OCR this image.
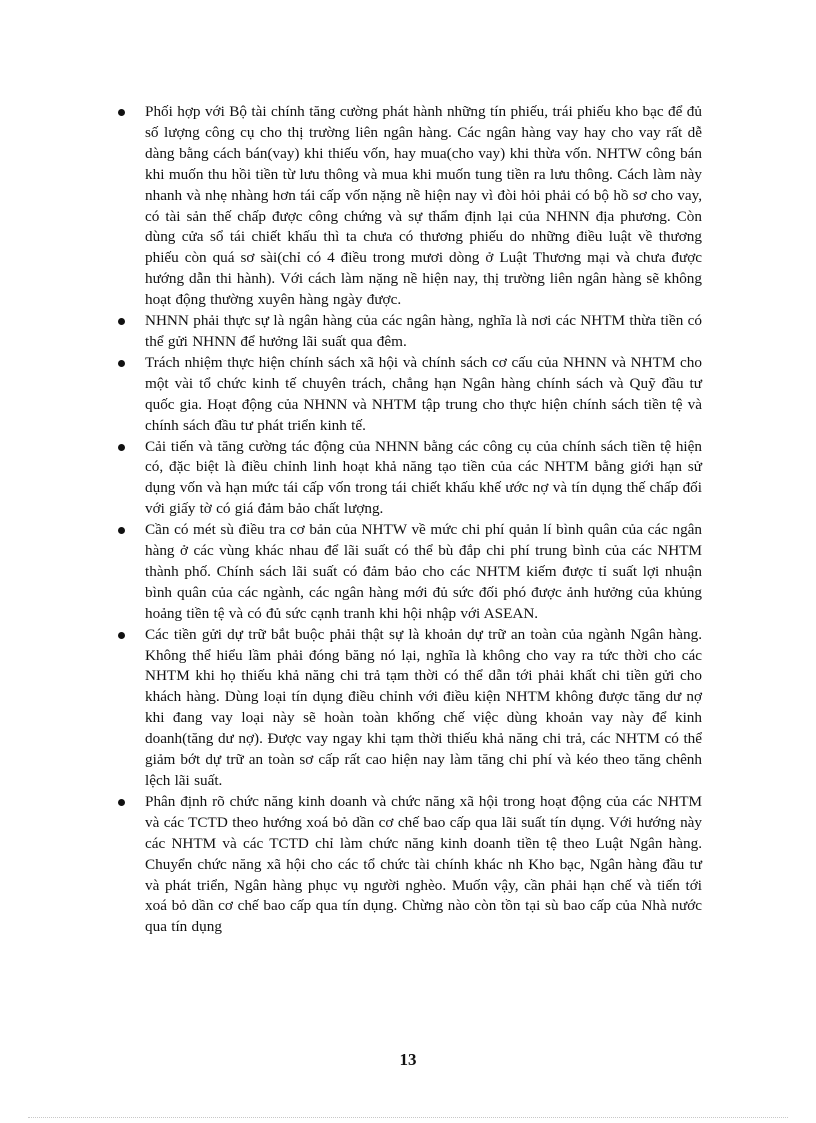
Phối hợp với Bộ tài chính tăng cường phát hành những tín phiếu, trái phiếu kho bạc để đủ số lượng công cụ cho thị trường liên ngân hàng. Các ngân hàng vay hay cho vay rất dễ dàng bằng cách bán(vay) khi thiếu vốn, hay mua(cho vay) khi thừa vốn. NHTW công bán khi muốn thu hồi tiền từ lưu thông và mua khi muốn tung tiền ra lưu thông. Cách làm này nhanh và nhẹ nhàng hơn tái cấp vốn nặng nề hiện nay vì đòi hỏi phải có bộ hồ sơ cho vay, có tài sản thế chấp được công chứng và sự thẩm định lại của NHNN địa phương. Còn dùng cửa sổ tái chiết khấu thì ta chưa có thương phiếu do những điều luật về thương phiếu còn quá sơ sài(chỉ có 4 điều trong mươi dòng ở Luật Thương mại và chưa được hướng dẫn thi hành). Với cách làm nặng nề hiện nay, thị trường liên ngân hàng sẽ không hoạt động thường xuyên hàng ngày được.
NHNN phải thực sự là ngân hàng của các ngân hàng, nghĩa là nơi các NHTM thừa tiền có thể gửi NHNN để hưởng lãi suất qua đêm.
Trách nhiệm thực hiện chính sách xã hội và chính sách cơ cấu của NHNN và NHTM cho một vài tổ chức kinh tế chuyên trách, chẳng hạn Ngân hàng chính sách và Quỹ đầu tư quốc gia. Hoạt động của NHNN và NHTM tập trung cho thực hiện chính sách tiền tệ và chính sách đầu tư phát triển kinh tế.
Cải tiến và tăng cường tác động của NHNN bằng các công cụ của chính sách tiền tệ hiện có, đặc biệt là điều chỉnh linh hoạt khả năng tạo tiền của các NHTM bằng giới hạn sử dụng vốn và hạn mức tái cấp vốn trong tái chiết khấu khế ước nợ và tín dụng thế chấp đối với giấy tờ có giá đảm bảo chất lượng.
Cần có mét sù điều tra cơ bản của NHTW về mức chi phí quản lí bình quân của các ngân hàng ở các vùng khác nhau để lãi suất có thể bù đắp chi phí trung bình của các NHTM thành phố. Chính sách lãi suất có đảm bảo cho các NHTM kiếm được tỉ suất lợi nhuận bình quân của các ngành, các ngân hàng mới đủ sức đối phó được ảnh hưởng của khủng hoảng tiền tệ và có đủ sức cạnh tranh khi hội nhập với ASEAN.
Các tiền gửi dự trữ bắt buộc phải thật sự là khoản dự trữ an toàn của ngành Ngân hàng. Không thể hiểu lầm phải đóng băng nó lại, nghĩa là không cho vay ra tức thời cho các NHTM khi họ thiếu khả năng chi trả tạm thời có thể dẫn tới phải khất chi tiền gửi cho khách hàng. Dùng loại tín dụng điều chỉnh với điều kiện NHTM không được tăng dư nợ khi đang vay loại này sẽ hoàn toàn khống chế việc dùng khoản vay này để kinh doanh(tăng dư nợ). Được vay ngay khi tạm thời thiếu khả năng chi trả, các NHTM có thể giảm bớt dự trữ an toàn sơ cấp rất cao hiện nay làm tăng chi phí và kéo theo tăng chênh lệch lãi suất.
Phân định rõ chức năng kinh doanh và chức năng xã hội trong hoạt động của các NHTM và các TCTD theo hướng xoá bỏ dần cơ chế bao cấp qua lãi suất tín dụng. Với hướng này các NHTM và các TCTD chỉ làm chức năng kinh doanh tiền tệ theo Luật Ngân hàng. Chuyển chức năng xã hội cho các tổ chức tài chính khác nh Kho bạc, Ngân hàng đầu tư và phát triển, Ngân hàng phục vụ người nghèo. Muốn vậy, cần phải hạn chế và tiến tới xoá bỏ dần cơ chế bao cấp qua tín dụng. Chừng nào còn tồn tại sù bao cấp của Nhà nước qua tín dụng
13
